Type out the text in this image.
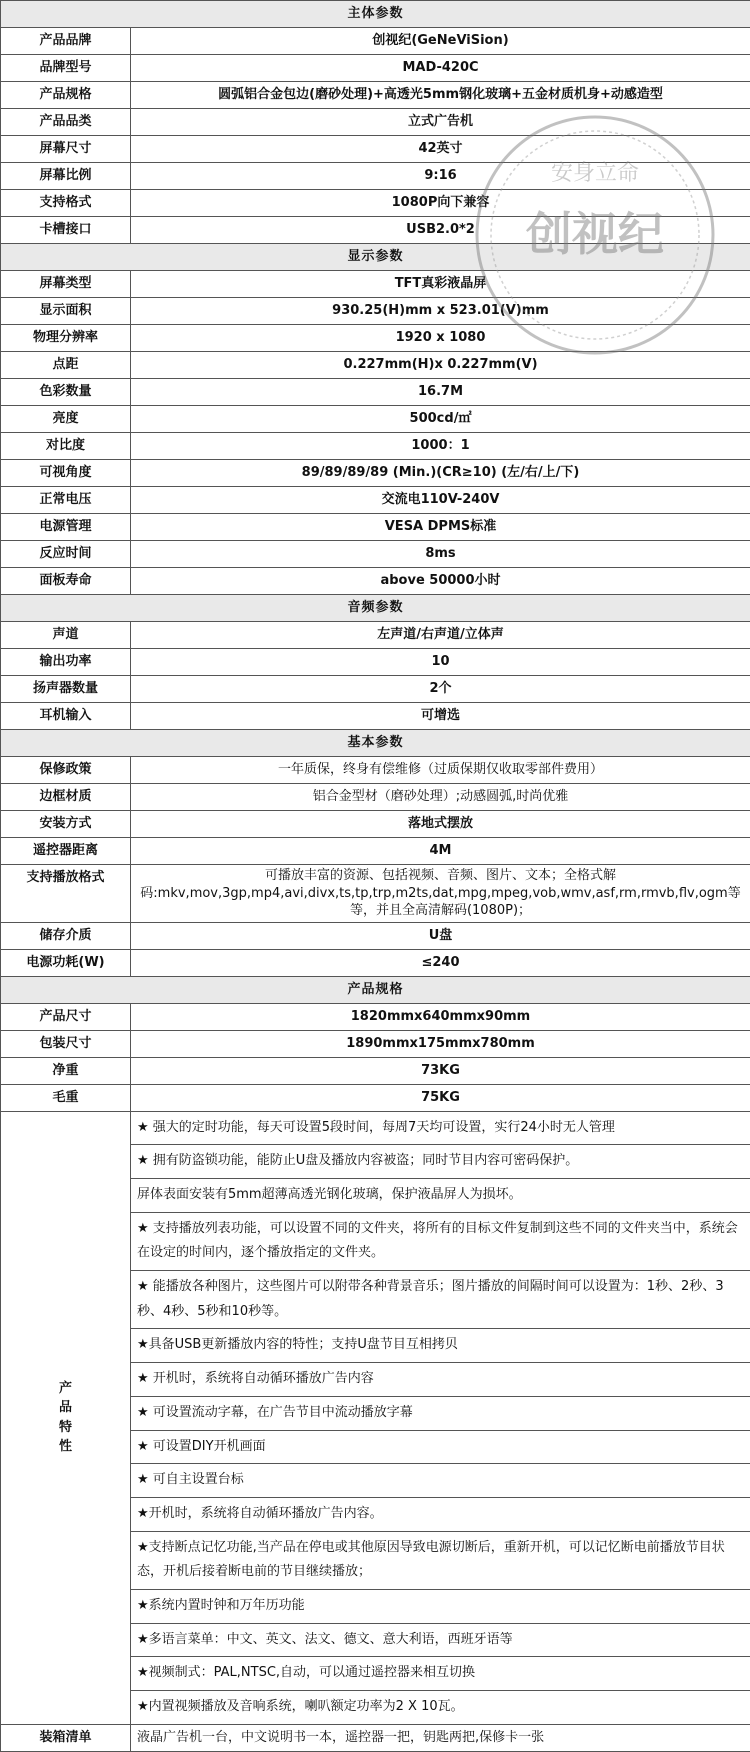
主体参数	
产品品牌	创视纪(GeNeViSion)
品牌型号	MAD-420C
产品规格	圆弧铝合金包边(磨砂处理)+高透光5mm钢化玻璃+五金材质机身+动感造型
产品品类	立式广告机
屏幕尺寸	42英寸
屏幕比例	9:16
支持格式	1080P向下兼容
卡槽接口	USB2.0*2
显示参数	
屏幕类型	TFT真彩液晶屏
显示面积	930.25(H)mm x 523.01(V)mm
物理分辨率	1920 x 1080
点距	0.227mm(H)x 0.227mm(V)
色彩数量	16.7M
亮度	500cd/㎡
对比度	1000：1
可视角度	89/89/89/89 (Min.)(CR≥10) (左/右/上/下)
正常电压	交流电110V-240V
电源管理	VESA DPMS标准
反应时间	8ms
面板寿命	above 50000小时
音频参数	
声道	左声道/右声道/立体声
输出功率	10
扬声器数量	2个
耳机输入	可增选
基本参数	
保修政策	一年质保，终身有偿维修（过质保期仅收取零部件费用）
边框材质	铝合金型材（磨砂处理）;动感圆弧,时尚优雅
安装方式	落地式摆放
遥控器距离	4M
支持播放格式	可播放丰富的资源、包括视频、音频、图片、文本；全格式解码:mkv,mov,3gp,mp4,avi,divx,ts,tp,trp,m2ts,dat,mpg,mpeg,vob,wmv,asf,rm,rmvb,flv,ogm等等，并且全高清解码(1080P)；
储存介质	U盘
电源功耗(W)	≤240
产品规格	
产品尺寸	1820mmx640mmx90mm
包装尺寸	1890mmx175mmx780mm
净重	73KG
毛重	75KG

产
品
特
性	★ 强大的定时功能，每天可设置5段时间，每周7天均可设置，实行24小时无人管理
	★ 拥有防盗锁功能，能防止U盘及播放内容被盗；同时节目内容可密码保护。
	屏体表面安装有5mm超薄高透光钢化玻璃，保护液晶屏人为损坏。
	★ 支持播放列表功能，可以设置不同的文件夹，将所有的目标文件复制到这些不同的文件夹当中，系统会在设定的时间内，逐个播放指定的文件夹。
	★ 能播放各种图片，这些图片可以附带各种背景音乐；图片播放的间隔时间可以设置为：1秒、2秒、3秒、4秒、5秒和10秒等。
	★具备USB更新播放内容的特性；支持U盘节目互相拷贝
	★ 开机时，系统将自动循环播放广告内容
	★ 可设置流动字幕，在广告节目中流动播放字幕
	★ 可设置DIY开机画面
	★ 可自主设置台标
	★开机时，系统将自动循环播放广告内容。
	★支持断点记忆功能,当产品在停电或其他原因导致电源切断后，重新开机，可以记忆断电前播放节目状态，开机后接着断电前的节目继续播放；
	★系统内置时钟和万年历功能
	★多语言菜单：中文、英文、法文、德文、意大利语，西班牙语等
	★视频制式：PAL,NTSC,自动，可以通过遥控器来相互切换
	★内置视频播放及音响系统，喇叭额定功率为2 X 10瓦。
装箱清单	液晶广告机一台，中文说明书一本，遥控器一把，钥匙两把,保修卡一张
创视纪
安身立命
